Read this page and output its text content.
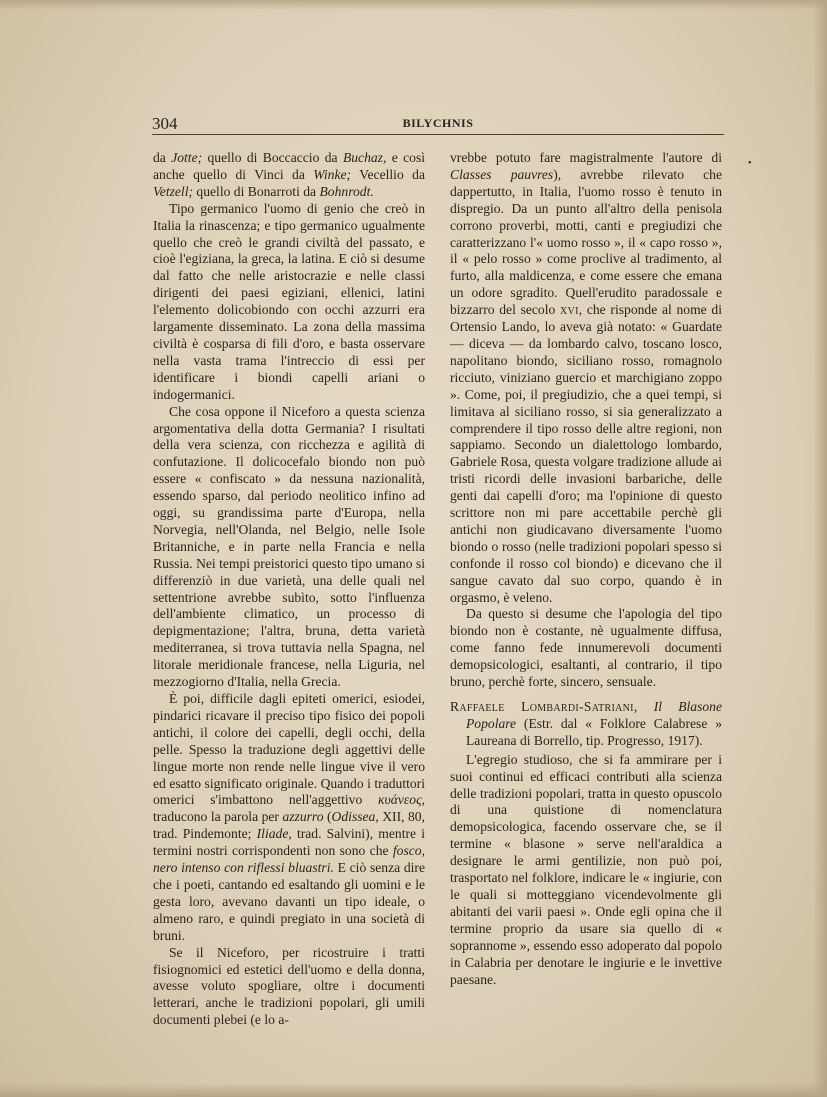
304	BILYCHNIS
•

da Jotte; quello di Boccaccio da Buchaz, e così anche quello di Vinci da Winke; Vecellio da Vetzell; quello di Bonarroti da Bohnrodt.

Tipo germanico l'uomo di genio che creò in Italia la rinascenza; e tipo germanico ugualmente quello che creò le grandi civiltà del passato, e cioè l'egiziana, la greca, la latina. E ciò si desume dal fatto che nelle aristocrazie e nelle classi dirigenti dei paesi egiziani, ellenici, latini l'elemento dolicobiondo con occhi azzurri era largamente disseminato. La zona della massima civiltà è cosparsa di fili d'oro, e basta osservare nella vasta trama l'intreccio di essi per identificare i biondi capelli ariani o indogermanici.

Che cosa oppone il Niceforo a questa scienza argomentativa della dotta Germania? I risultati della vera scienza, con ricchezza e agilità di confutazione. Il dolicocefalo biondo non può essere « confiscato » da nessuna nazionalità, essendo sparso, dal periodo neolitico infino ad oggi, su grandissima parte d'Europa, nella Norvegia, nell'Olanda, nel Belgio, nelle Isole Britanniche, e in parte nella Francia e nella Russia. Nei tempi preistorici questo tipo umano si differenziò in due varietà, una delle quali nel settentrione avrebbe subìto, sotto l'influenza dell'ambiente climatico, un processo di depigmentazione; l'altra, bruna, detta varietà mediterranea, si trova tuttavia nella Spagna, nel litorale meridionale francese, nella Liguria, nel mezzogiorno d'Italia, nella Grecia.

È poi, difficile dagli epiteti omerici, esiodei, pindarici ricavare il preciso tipo fisico dei popoli antichi, il colore dei capelli, degli occhi, della pelle. Spesso la traduzione degli aggettivi delle lingue morte non rende nelle lingue vive il vero ed esatto significato originale. Quando i traduttori omerici s'imbattono nell'aggettivo κυάνεος, traducono la parola per azzurro (Odissea, XII, 80, trad. Pindemonte; Iliade, trad. Salvini), mentre i termini nostri corrispondenti non sono che fosco, nero intenso con riflessi bluastri. E ciò senza dire che i poeti, cantando ed esaltando gli uomini e le gesta loro, avevano davanti un tipo ideale, o almeno raro, e quindi pregiato in una società di bruni.

Se il Niceforo, per ricostruire i tratti fisiognomici ed estetici dell'uomo e della donna, avesse voluto spogliare, oltre i documenti letterari, anche le tradizioni popolari, gli umili documenti plebei (e lo a-

vrebbe potuto fare magistralmente l'autore di Classes pauvres), avrebbe rilevato che dappertutto, in Italia, l'uomo rosso è tenuto in dispregio. Da un punto all'altro della penisola corrono proverbi, motti, canti e pregiudizi che caratterizzano l'« uomo rosso », il « capo rosso », il « pelo rosso » come proclive al tradimento, al furto, alla maldicenza, e come essere che emana un odore sgradito. Quell'erudito paradossale e bizzarro del secolo xvi, che risponde al nome di Ortensio Lando, lo aveva già notato: « Guardate — diceva — da lombardo calvo, toscano losco, napolitano biondo, siciliano rosso, romagnolo ricciuto, viniziano guercio et marchigiano zoppo ». Come, poi, il pregiudizio, che a quei tempi, si limitava al siciliano rosso, si sia generalizzato a comprendere il tipo rosso delle altre regioni, non sappiamo. Secondo un dialettologo lombardo, Gabriele Rosa, questa volgare tradizione allude ai tristi ricordi delle invasioni barbariche, delle genti dai capelli d'oro; ma l'opinione di questo scrittore non mi pare accettabile perchè gli antichi non giudicavano diversamente l'uomo biondo o rosso (nelle tradizioni popolari spesso si confonde il rosso col biondo) e dicevano che il sangue cavato dal suo corpo, quando è in orgasmo, è veleno.

Da questo si desume che l'apologia del tipo biondo non è costante, nè ugualmente diffusa, come fanno fede innumerevoli documenti demopsicologici, esaltanti, al contrario, il tipo bruno, perchè forte, sincero, sensuale.

Raffaele Lombardi-Satriani, Il Blasone Popolare (Estr. dal « Folklore Calabrese » Laureana di Borrello, tip. Progresso, 1917).

L'egregio studioso, che si fa ammirare per i suoi continui ed efficaci contributi alla scienza delle tradizioni popolari, tratta in questo opuscolo di una quistione di nomenclatura demopsicologica, facendo osservare che, se il termine « blasone » serve nell'araldica a designare le armi gentilizie, non può poi, trasportato nel folklore, indicare le « ingiurie, con le quali si motteggiano vicendevolmente gli abitanti dei varii paesi ». Onde egli opina che il termine proprio da usare sia quello di « soprannome », essendo esso adoperato dal popolo in Calabria per denotare le ingiurie e le invettive paesane.
